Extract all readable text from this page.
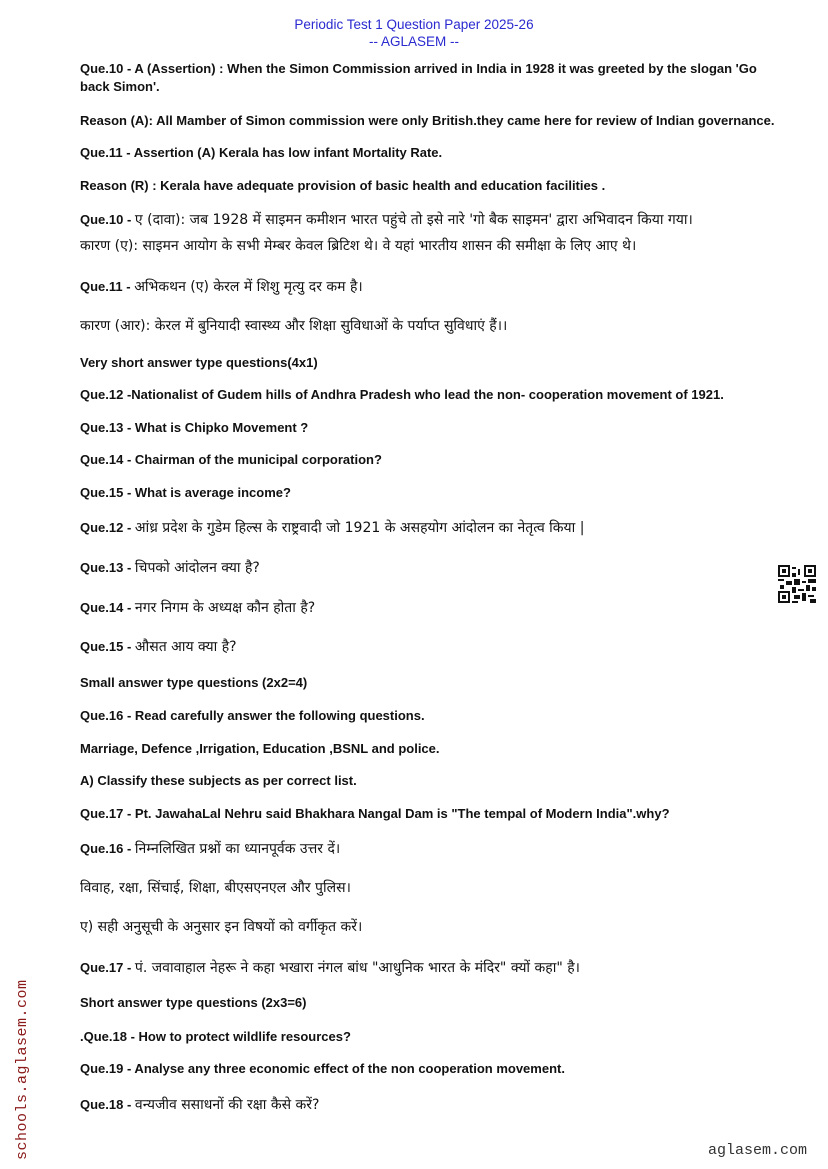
Periodic Test 1 Question Paper 2025-26
-- AGLASEM --
Que.10 - A (Assertion) : When the Simon Commission arrived in India in 1928 it was greeted by the slogan 'Go
back Simon'.
Reason (A): All Mamber of Simon commission were only British.they came here for review of Indian governance.
Que.11 - Assertion (A) Kerala has low infant Mortality Rate.
Reason (R) : Kerala have adequate provision of basic health and education facilities .
Que.10 - ए (दावा): जब 1928 में साइमन कमीशन भारत पहुंचे तो इसे नारे 'गो बैक साइमन' द्वारा अभिवादन किया गया।
कारण (ए): साइमन आयोग के सभी मेम्बर केवल ब्रिटिश थे। वे यहां भारतीय शासन की समीक्षा के लिए आए थे।
Que.11 - अभिकथन (ए) केरल में शिशु मृत्यु दर कम है।
कारण (आर): केरल में बुनियादी स्वास्थ्य और शिक्षा सुविधाओं के पर्याप्त सुविधाएं हैं।।
Very short answer type questions(4x1)
Que.12 -Nationalist of Gudem hills of Andhra Pradesh who lead the non- cooperation movement of 1921.
Que.13 - What is Chipko Movement ?
Que.14 - Chairman of the municipal corporation?
Que.15 - What is average income?
Que.12 - आंध्र प्रदेश के गुडेम हिल्स के राष्ट्रवादी जो 1921 के असहयोग आंदोलन का नेतृत्व किया |
Que.13 - चिपको आंदोलन क्या है?
Que.14 - नगर निगम के अध्यक्ष कौन होता है?
Que.15 - औसत आय क्या है?
Small answer type questions (2x2=4)
Que.16 - Read carefully answer the following questions.
Marriage, Defence ,Irrigation, Education ,BSNL and police.
A) Classify these subjects as per correct list.
Que.17 - Pt. JawahaLal Nehru said Bhakhara Nangal Dam is "The tempal of Modern India".why?
Que.16 - निम्नलिखित प्रश्नों का ध्यानपूर्वक उत्तर दें।
विवाह, रक्षा, सिंचाई, शिक्षा, बीएसएनएल और पुलिस।
ए) सही अनुसूची के अनुसार इन विषयों को वर्गीकृत करें।
Que.17 - पं. जवावाहाल नेहरू ने कहा भखारा नंगल बांध "आधुनिक भारत के मंदिर" क्यों कहा" है।
Short answer type questions (2x3=6)
.Que.18 - How to protect wildlife resources?
Que.19 - Analyse any three economic effect of the non cooperation movement.
Que.18 - वन्यजीव ससाधनों की रक्षा कैसे करें?
schools.aglasem.com	aglasem.com
